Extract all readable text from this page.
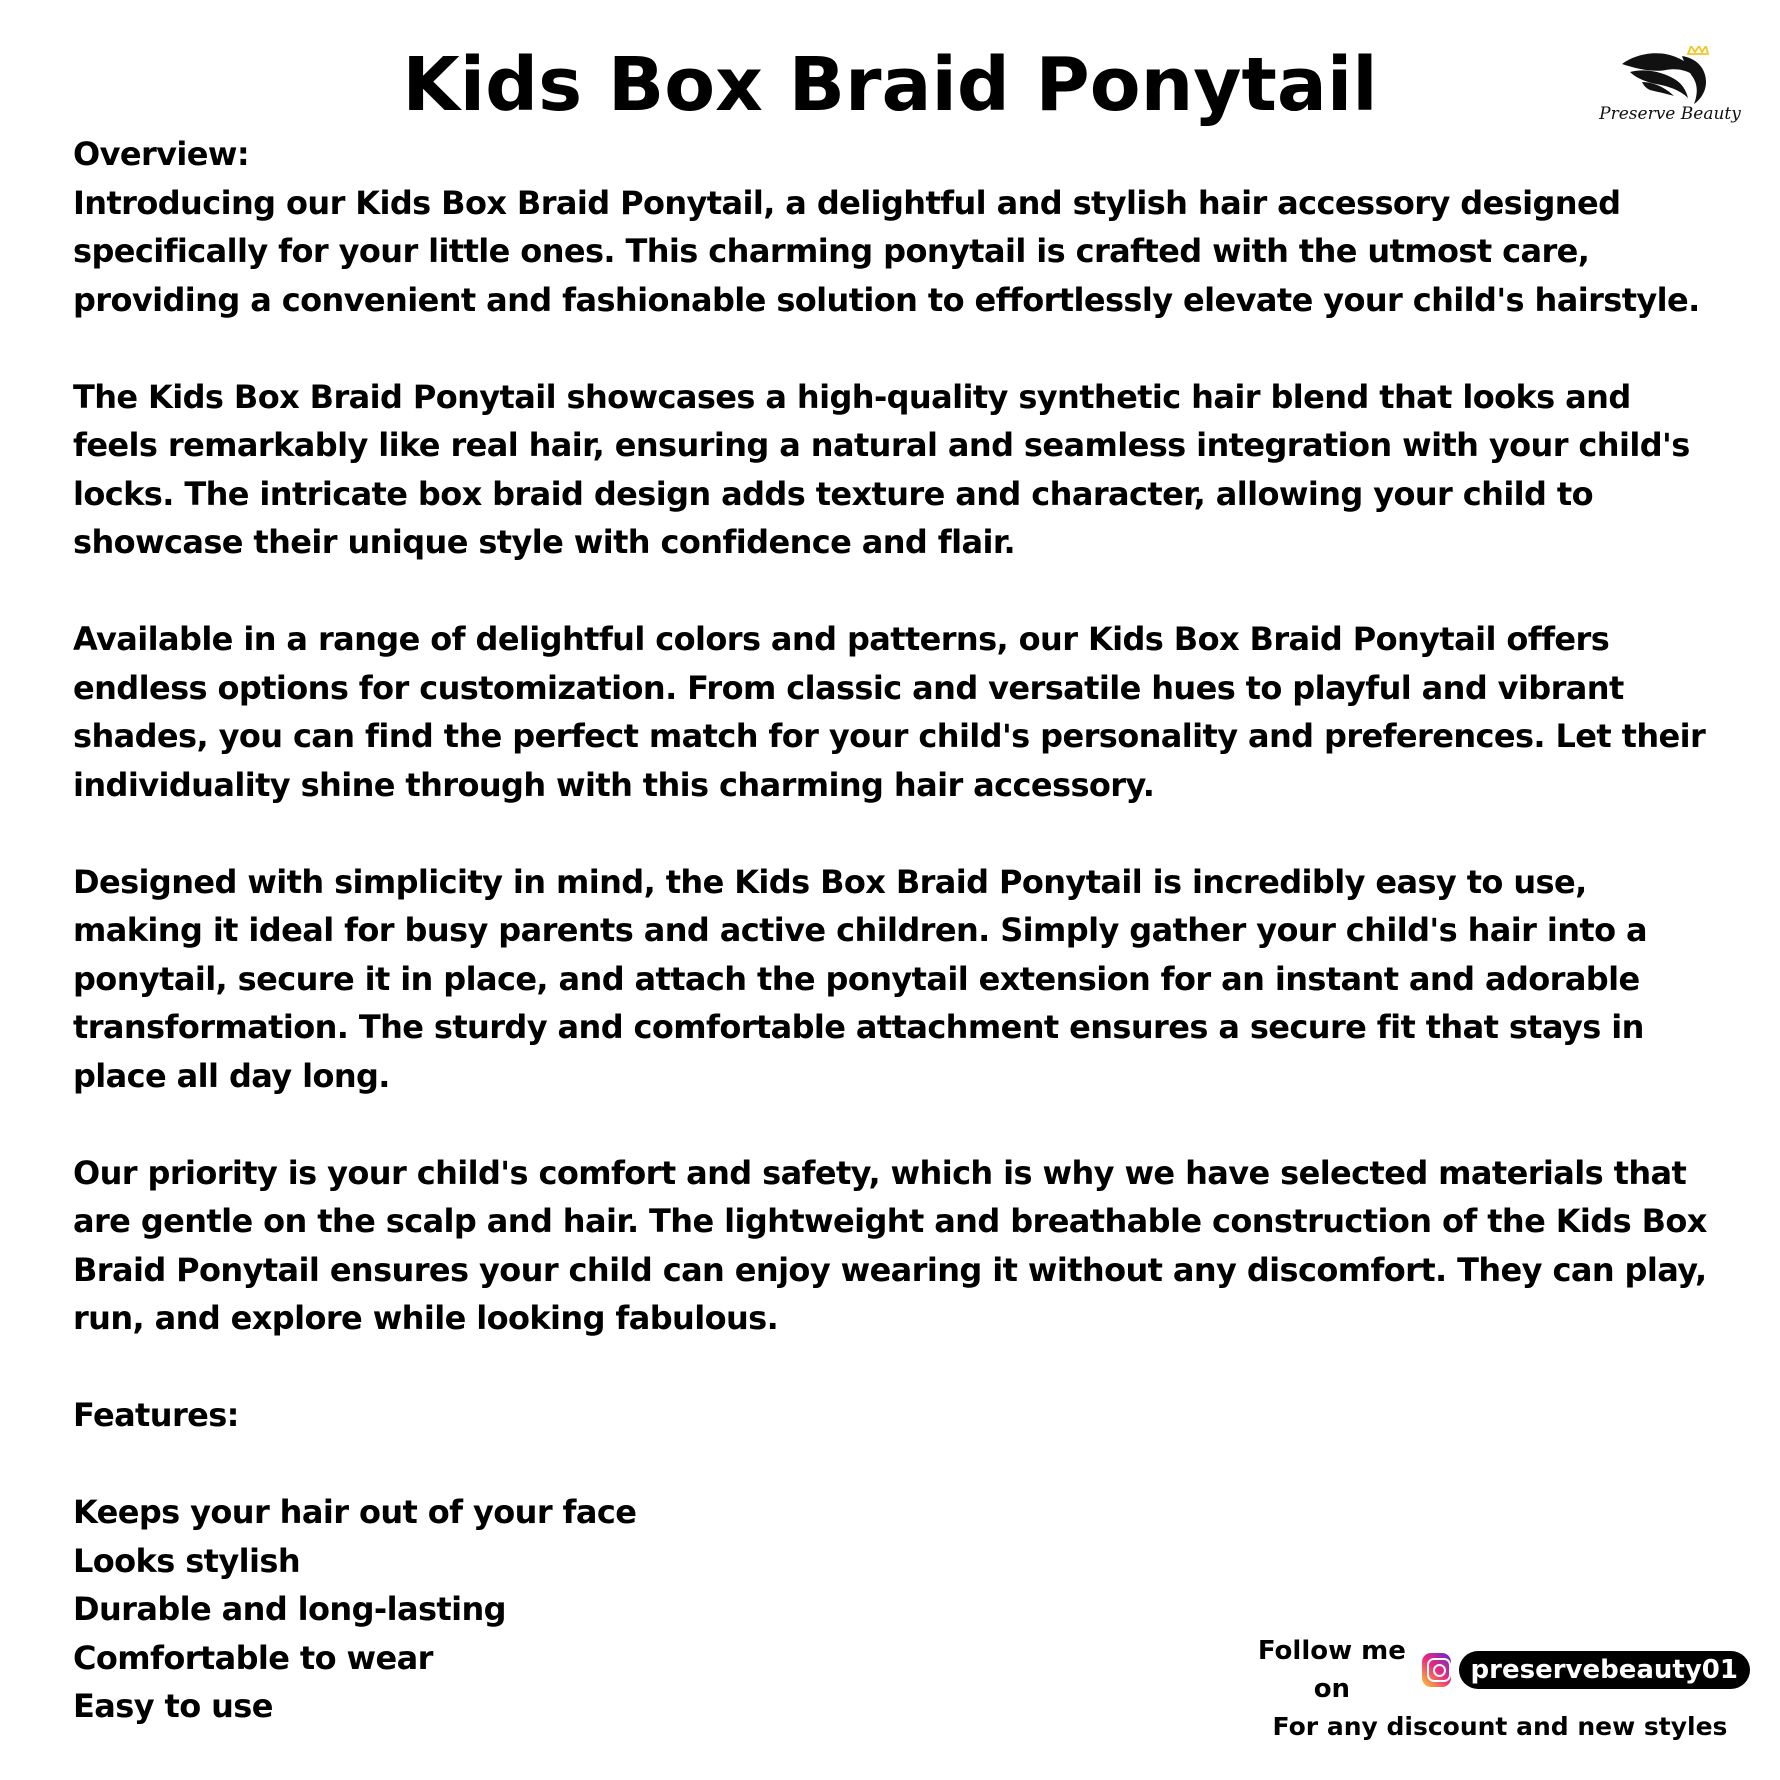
Kids Box Braid Ponytail	Preserve Beauty
Overview:

Introducing our Kids Box Braid Ponytail, a delightful and stylish hair accessory designed specifically for your little ones. This charming ponytail is crafted with the utmost care, providing a convenient and fashionable solution to effortlessly elevate your child's hairstyle.

The Kids Box Braid Ponytail showcases a high-quality synthetic hair blend that looks and feels remarkably like real hair, ensuring a natural and seamless integration with your child's locks. The intricate box braid design adds texture and character, allowing your child to showcase their unique style with confidence and flair.

Available in a range of delightful colors and patterns, our Kids Box Braid Ponytail offers endless options for customization. From classic and versatile hues to playful and vibrant shades, you can find the perfect match for your child's personality and preferences. Let their individuality shine through with this charming hair accessory.

Designed with simplicity in mind, the Kids Box Braid Ponytail is incredibly easy to use, making it ideal for busy parents and active children. Simply gather your child's hair into a ponytail, secure it in place, and attach the ponytail extension for an instant and adorable transformation. The sturdy and comfortable attachment ensures a secure fit that stays in place all day long.

Our priority is your child's comfort and safety, which is why we have selected materials that are gentle on the scalp and hair. The lightweight and breathable construction of the Kids Box Braid Ponytail ensures your child can enjoy wearing it without any discomfort. They can play, run, and explore while looking fabulous.

Features:

Keeps your hair out of your face
Looks stylish
Durable and long-lasting
Comfortable to wear
Easy to use
Follow me on
preservebeauty01
For any discount and new styles
